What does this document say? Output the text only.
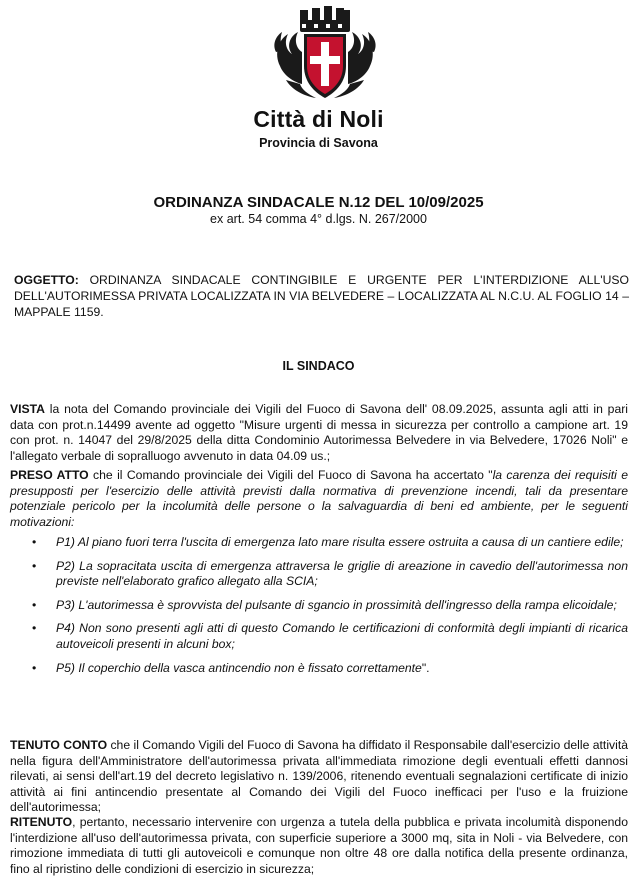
Città di Noli
Provincia di Savona
ORDINANZA SINDACALE N.12 DEL 10/09/2025
ex art. 54 comma 4° d.lgs. N. 267/2000
OGGETTO: ORDINANZA SINDACALE CONTINGIBILE E URGENTE PER L'INTERDIZIONE ALL'USO DELL'AUTORIMESSA PRIVATA LOCALIZZATA IN VIA BELVEDERE – LOCALIZZATA AL N.C.U. AL FOGLIO 14 – MAPPALE 1159.
IL SINDACO

VISTA la nota del Comando provinciale dei Vigili del Fuoco di Savona dell' 08.09.2025, assunta agli atti in pari data con prot.n.14499 avente ad oggetto "Misure urgenti di messa in sicurezza per controllo a campione art. 19 con prot. n. 14047 del 29/8/2025 della ditta Condominio Autorimessa Belvedere in via Belvedere, 17026 Noli" e l'allegato verbale di sopralluogo avvenuto in data 04.09 us.;

PRESO ATTO che il Comando provinciale dei Vigili del Fuoco di Savona ha accertato "la carenza dei requisiti e presupposti per l'esercizio delle attività previsti dalla normativa di prevenzione incendi, tali da presentare potenziale pericolo per la incolumità delle persone o la salvaguardia di beni ed ambiente, per le seguenti motivazioni:

• P1) Al piano fuori terra l'uscita di emergenza lato mare risulta essere ostruita a causa di un cantiere edile;
• P2) La sopracitata uscita di emergenza attraversa le griglie di areazione in cavedio dell'autorimessa non previste nell'elaborato grafico allegato alla SCIA;
• P3) L'autorimessa è sprovvista del pulsante di sgancio in prossimità dell'ingresso della rampa elicoidale;
• P4) Non sono presenti agli atti di questo Comando le certificazioni di conformità degli impianti di ricarica autoveicoli presenti in alcuni box;
• P5) Il coperchio della vasca antincendio non è fissato correttamente".

TENUTO CONTO che il Comando Vigili del Fuoco di Savona ha diffidato il Responsabile dall'esercizio delle attività nella figura dell'Amministratore dell'autorimessa privata all'immediata rimozione degli eventuali effetti dannosi rilevati, ai sensi dell'art.19 del decreto legislativo n. 139/2006, ritenendo eventuali segnalazioni certificate di inizio attività ai fini antincendio presentate al Comando dei Vigili del Fuoco inefficaci per l'uso e la fruizione dell'autorimessa;

RITENUTO, pertanto, necessario intervenire con urgenza a tutela della pubblica e privata incolumità disponendo l'interdizione all'uso dell'autorimessa privata, con superficie superiore a 3000 mq, sita in Noli - via Belvedere, con rimozione immediata di tutti gli autoveicoli e comunque non oltre 48 ore dalla notifica della presente ordinanza, fino al ripristino delle condizioni di esercizio in sicurezza;
